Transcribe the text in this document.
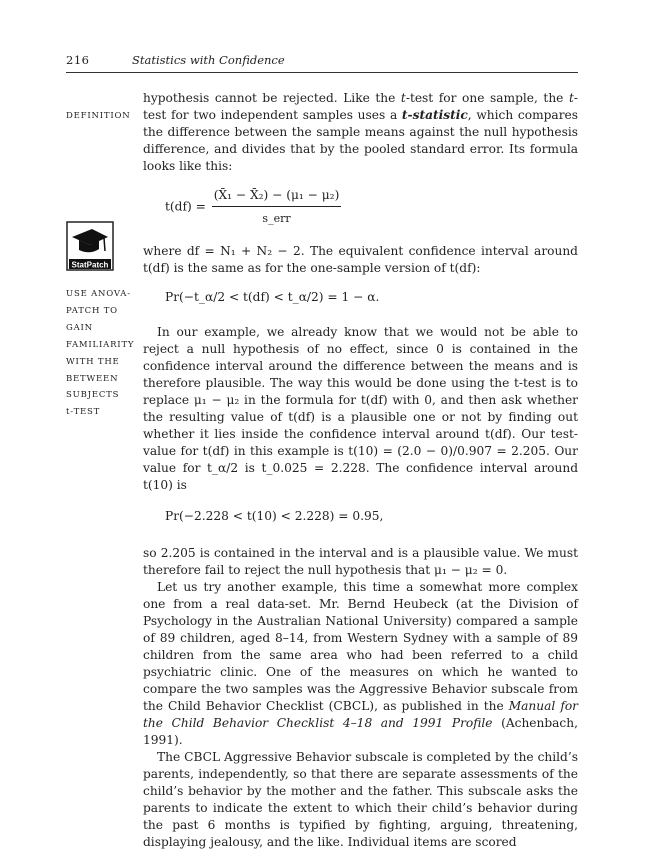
216	Statistics with Confidence
DEFINITION
StatPatch
USE ANOVA-
PATCH TO
GAIN
FAMILIARITY
WITH THE
BETWEEN
SUBJECTS
t-TEST

hypothesis cannot be rejected. Like the t-test for one sample, the t-test for two independent samples uses a t-statistic, which compares the difference between the sample means against the null hypothesis difference, and divides that by the pooled standard error. Its formula looks like this:

$t(df) = \frac{\text{(X̄₁ − X̄₂) − (μ₁ − μ₂)}}{\text{s\_err}}$

where df = N₁ + N₂ − 2. The equivalent confidence interval around t(df) is the same as for the one-sample version of t(df):

Pr(−t_α/2 < t(df) < t_α/2) = 1 − α.

In our example, we already know that we would not be able to reject a null hypothesis of no effect, since 0 is contained in the confidence interval around the difference between the means and is therefore plausible. The way this would be done using the t-test is to replace μ₁ − μ₂ in the formula for t(df) with 0, and then ask whether the resulting value of t(df) is a plausible one or not by finding out whether it lies inside the confidence interval around t(df). Our test-value for t(df) in this example is t(10) = (2.0 − 0)/0.907 = 2.205. Our value for t_α/2 is t_0.025 = 2.228. The confidence interval around t(10) is

Pr(−2.228 < t(10) < 2.228) = 0.95,

so 2.205 is contained in the interval and is a plausible value. We must therefore fail to reject the null hypothesis that μ₁ − μ₂ = 0.

Let us try another example, this time a somewhat more complex one from a real data-set. Mr. Bernd Heubeck (at the Division of Psychology in the Australian National University) compared a sample of 89 children, aged 8–14, from Western Sydney with a sample of 89 children from the same area who had been referred to a child psychiatric clinic. One of the measures on which he wanted to compare the two samples was the Aggressive Behavior subscale from the Child Behavior Checklist (CBCL), as published in the Manual for the Child Behavior Checklist 4–18 and 1991 Profile (Achenbach, 1991).

The CBCL Aggressive Behavior subscale is completed by the child’s parents, independently, so that there are separate assessments of the child’s behavior by the mother and the father. This subscale asks the parents to indicate the extent to which their child’s behavior during the past 6 months is typified by fighting, arguing, threatening, displaying jealousy, and the like. Individual items are scored
